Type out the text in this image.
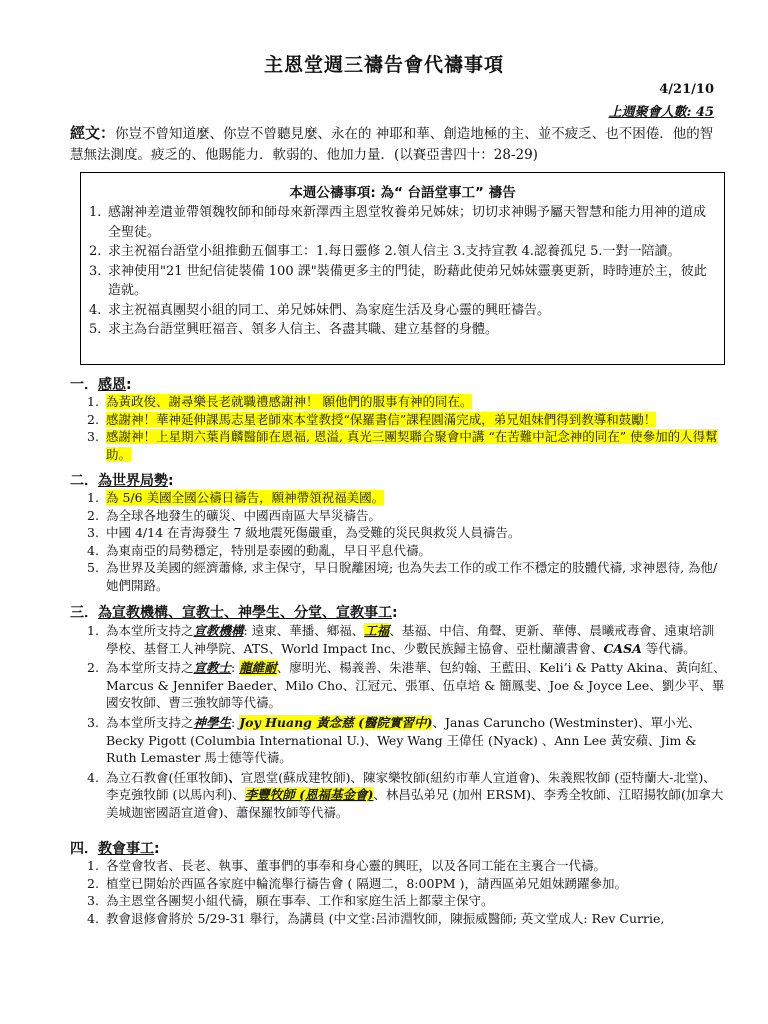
主恩堂週三禱告會代禱事項
4/21/10
上週聚會人數: 45
經文：你豈不曾知道麼、你豈不曾聽見麼、永在的 神耶和華、創造地極的主、並不疲乏、也不困倦．他的智慧無法測度。疲乏的、他賜能力．軟弱的、他加力量．(以賽亞書四十：28-29)
本週公禱事項: 為“ 台語堂事工” 禱告
1. 感謝神差遣並帶領魏牧師和師母來新澤西主恩堂牧養弟兄姊妹；切切求神賜予屬天智慧和能力用神的道成全聖徒。
2. 求主祝福台語堂小組推動五個事工：1.每日靈修 2.領人信主 3.支持宣教 4.認養孤兒 5.一對一陪讀。
3. 求神使用"21 世紀信徒裝備 100 課"裝備更多主的門徒，盼藉此使弟兄姊妹靈裏更新，時時連於主，彼此造就。
4. 求主祝福真團契小組的同工、弟兄姊妹們、為家庭生活及身心靈的興旺禱告。
5. 求主為台語堂興旺福音、領多人信主、各盡其職、建立基督的身體。
一．感恩:
1. 為黃政俊、謝尋樂長老就職禮感謝神！ 願他們的服事有神的同在。
2. 感謝神！華神延伸課馬志星老師來本堂教授“保羅書信”課程圓滿完成，弟兄姐妹們得到教導和鼓勵！
3. 感謝神！上星期六葉肖麟醫師在恩福, 恩溢, 真光三團契聯合聚會中講 “在苦難中記念神的同在” 使參加的人得幫助。
二．為世界局勢:
1. 為 5/6 美國全國公禱日禱告，願神帶領祝福美國。
2. 為全球各地發生的礦災、中國西南區大旱災禱告。
3. 中國 4/14 在青海發生 7 級地震死傷嚴重，為受難的災民與救災人員禱告。
4. 為東南亞的局勢穩定，特別是泰國的動亂，早日平息代禱。
5. 為世界及美國的經濟蕭條, 求主保守，早日脫離困境; 也為失去工作的或工作不穩定的肢體代禱, 求神恩待, 為他/她們開路。
三．為宣教機構、宣教士、神學生、分堂、宣教事工:
1. 為本堂所支持之宣教機構: 遠東、華播、鄉福、工福、基福、中信、角聲、更新、華傳、晨曦戒毒會、遠東培訓學校、基督工人神學院、ATS、World Impact Inc、少數民族歸主協會、亞杜蘭讀書會、CASA 等代禱。
2. 為本堂所支持之宣教士: 龍維耐、廖明光、楊義善、朱港華、包約翰、王藍田、Keli’i & Patty Akina、黃向紅、Marcus & Jennifer Baeder、Milo Cho、江冠元、張軍、伍卓培 & 簡鳳斐、Joe & Joyce Lee、劉少平、畢國安牧師、曹三強牧師等代禱。
3. 為本堂所支持之神學生: Joy Huang 黃念慈 (醫院實習中)、Janas Caruncho (Westminster)、單小光、Becky Pigott (Columbia International U.)、Wey Wang 王偉任 (Nyack) 、Ann Lee 黃安蘋、Jim & Ruth Lemaster 馬士德等代禱。
4. 為立石教會(任軍牧師)、宣恩堂(蘇成建牧師)、陳家樂牧師(紐約市華人宣道會)、朱義熙牧師 (亞特蘭大-北堂)、李克強牧師 (以馬內利)、李豐牧師 (恩福基金會)、林昌弘弟兄 (加州 ERSM)、李秀全牧師、江昭揚牧師(加拿大美城迦密國語宣道會)、蕭保羅牧師等代禱。
四．教會事工:
1. 各堂會牧者、長老、執事、董事們的事奉和身心靈的興旺，以及各同工能在主裏合一代禱。
2. 植堂已開始於西區各家庭中輪流舉行禱告會 ( 隔週二，8:00PM )，請西區弟兄姐妹踴躍參加。
3. 為主恩堂各團契小組代禱，願在事奉、工作和家庭生活上都蒙主保守。
4. 教會退修會將於 5/29-31 舉行，為講員 (中文堂:呂沛淵牧師，陳振威醫師; 英文堂成人: Rev Currie,
